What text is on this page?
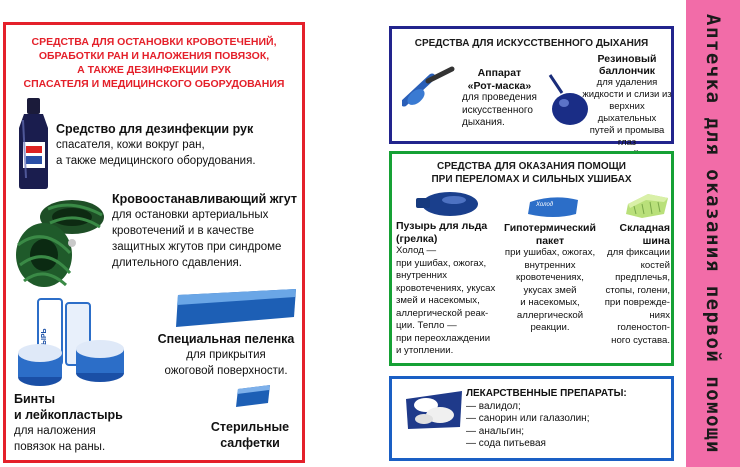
СРЕДСТВА ДЛЯ ОСТАНОВКИ КРОВОТЕЧЕНИЙ,
ОБРАБОТКИ РАН И НАЛОЖЕНИЯ ПОВЯЗОК,
А ТАКЖЕ ДЕЗИНФЕКЦИИ РУК
СПАСАТЕЛЯ И МЕДИЦИНСКОГО ОБОРУДОВАНИЯ
Средство для дезинфекции рук
спасателя, кожи вокруг ран,
а также медицинского оборудования.
Кровоостанавливающий жгут
для остановки артериальных
кровотечений и в качестве
защитных жгутов при синдроме
длительного сдавления.
Специальная пеленка
для прикрытия
ожоговой поверхности.
Бинты
и лейкопластырь
для наложения
повязок на раны.
Стерильные
салфетки
СРЕДСТВА ДЛЯ ИСКУССТВЕННОГО ДЫХАНИЯ
Аппарат
«Рот-маска»
для проведения
искусственного
дыхания.
Резиновый
баллончик
для удаления
жидкости и слизи из
верхних дыхательных
путей и промыва глаз
СРЕДСТВА ДЛЯ ОКАЗАНИЯ ПОМОЩИ
ПРИ ПЕРЕЛОМАХ И СИЛЬНЫХ УШИБАХ
Холод
Пузырь для льда
(грелка)
Холод —
при ушибах, ожогах,
внутренних
кровотечениях, укусах
змей и насекомых,
аллергической реак-
ции. Тепло —
при переохлаждении
и утоплении.
Гипотермический
пакет
при ушибах, ожогах,
внутренних
кровотечениях,
укусах змей
и насекомых,
аллергической
реакции.
Складная
шина
для фиксации
костей
предплечья,
стопы, голени,
при поврежде-
ниях голеностоп-
ного сустава.
ЛЕКАРСТВЕННЫЕ ПРЕПАРАТЫ:
— валидол;
— санорин или галазолин;
— анальгин;
— сода питьевая	Аптечка для оказания первой помощи
